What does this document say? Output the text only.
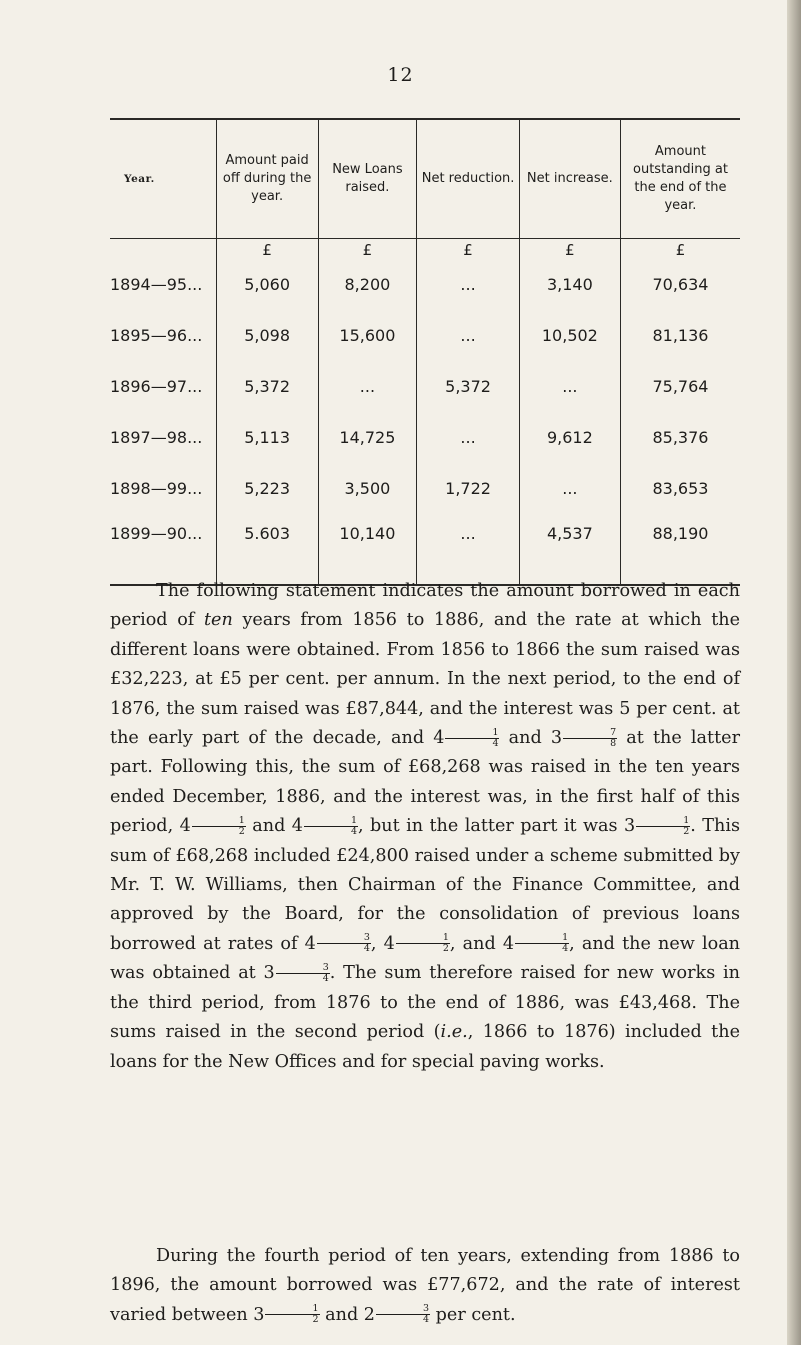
12
Year.	Amount paid off during the year.	New Loans raised.	Net reduction.	Net increase.	Amount outstanding at the end of the year.
	£	£	£	£	£
1894—95...	5,060	8,200	...	3,140	70,634
1895—96...	5,098	15,600	...	10,502	81,136
1896—97...	5,372	...	5,372	...	75,764
1897—98...	5,113	14,725	...	9,612	85,376
1898—99...	5,223	3,500	1,722	...	83,653
1899—90...	5.603	10,140	...	4,537	88,190

The following statement indicates the amount borrowed in each period of ten years from 1856 to 1886, and the rate at which the different loans were obtained. From 1856 to 1866 the sum raised was £32,223, at £5 per cent. per annum. In the next period, to the end of 1876, the sum raised was £87,844, and the interest was 5 per cent. at the early part of the decade, and $4 \frac{1}{4}$ and $3 \frac{7}{8}$ at the latter part. Following this, the sum of £68,268 was raised in the ten years ended December, 1886, and the interest was, in the first half of this period, $4 \frac{1}{2}$ and $4 \frac{1}{4}$ , but in the latter part it was $3 \frac{1}{2}$ . This sum of £68,268 included £24,800 raised under a scheme submitted by Mr. T. W. Williams, then Chairman of the Finance Committee, and approved by the Board, for the consolidation of previous loans borrowed at rates of $4 \frac{3}{4}$ , $4 \frac{1}{2}$ , and $4 \frac{1}{4}$ , and the new loan was obtained at $3 \frac{3}{4}$ . The sum therefore raised for new works in the third period, from 1876 to the end of 1886, was £43,468. The sums raised in the second period (i.e., 1866 to 1876) included the loans for the New Offices and for special paving works.

During the fourth period of ten years, extending from 1886 to 1896, the amount borrowed was £77,672, and the rate of interest varied between $3 \frac{1}{2}$ and $2 \frac{3}{4}$ per cent.
